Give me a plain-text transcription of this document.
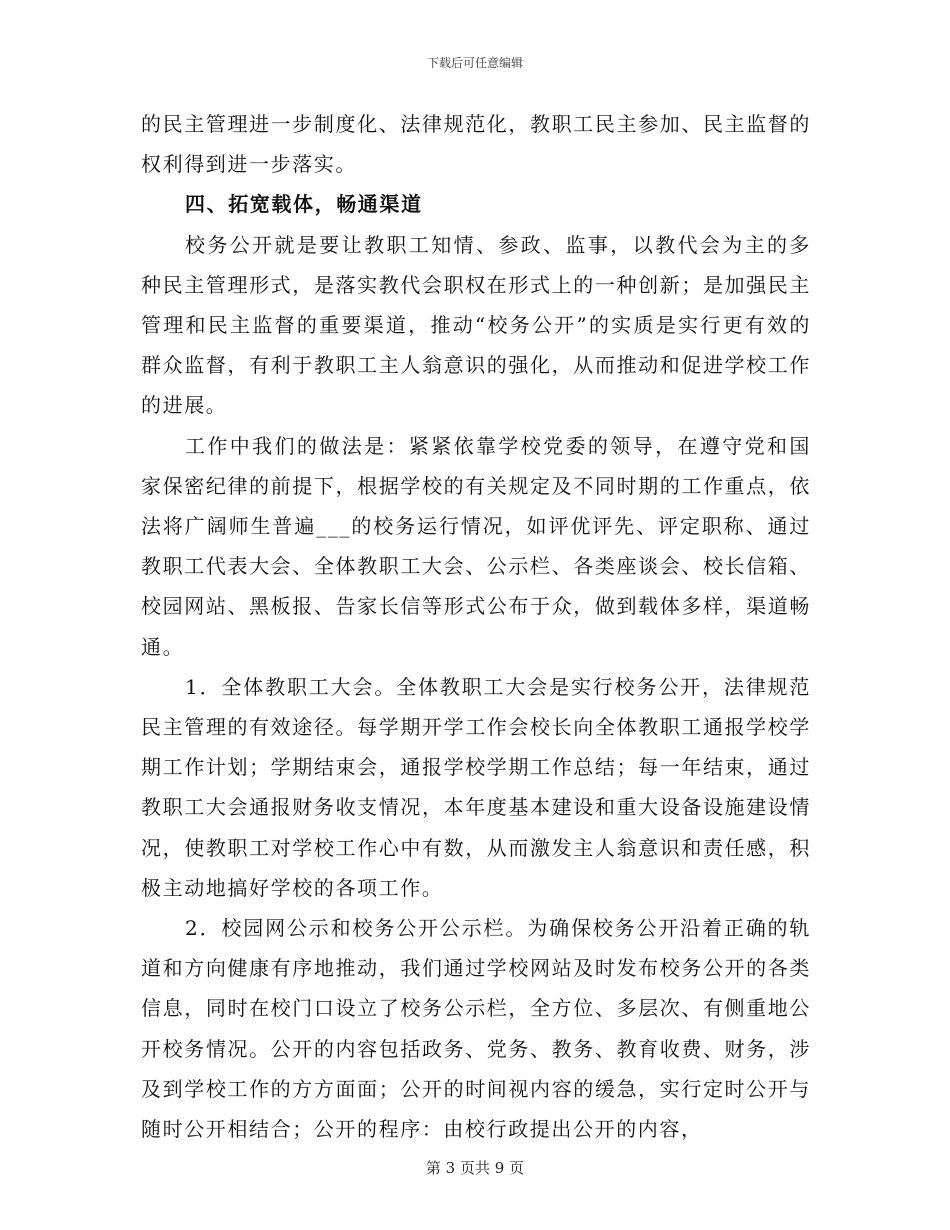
下载后可任意编辑

的民主管理进一步制度化、法律规范化，教职工民主参加、民主监督的权利得到进一步落实。

四、拓宽载体，畅通渠道

校务公开就是要让教职工知情、参政、监事，以教代会为主的多种民主管理形式，是落实教代会职权在形式上的一种创新；是加强民主管理和民主监督的重要渠道，推动“校务公开”的实质是实行更有效的群众监督，有利于教职工主人翁意识的强化，从而推动和促进学校工作的进展。

工作中我们的做法是：紧紧依靠学校党委的领导，在遵守党和国家保密纪律的前提下，根据学校的有关规定及不同时期的工作重点，依法将广阔师生普遍___的校务运行情况，如评优评先、评定职称、通过教职工代表大会、全体教职工大会、公示栏、各类座谈会、校长信箱、校园网站、黑板报、告家长信等形式公布于众，做到载体多样，渠道畅通。

1．全体教职工大会。全体教职工大会是实行校务公开，法律规范民主管理的有效途径。每学期开学工作会校长向全体教职工通报学校学期工作计划；学期结束会，通报学校学期工作总结；每一年结束，通过教职工大会通报财务收支情况，本年度基本建设和重大设备设施建设情况，使教职工对学校工作心中有数，从而激发主人翁意识和责任感，积极主动地搞好学校的各项工作。

2．校园网公示和校务公开公示栏。为确保校务公开沿着正确的轨道和方向健康有序地推动，我们通过学校网站及时发布校务公开的各类信息，同时在校门口设立了校务公示栏，全方位、多层次、有侧重地公开校务情况。公开的内容包括政务、党务、教务、教育收费、财务，涉及到学校工作的方方面面；公开的时间视内容的缓急，实行定时公开与随时公开相结合；公开的程序：由校行政提出公开的内容，

第 3 页共 9 页
